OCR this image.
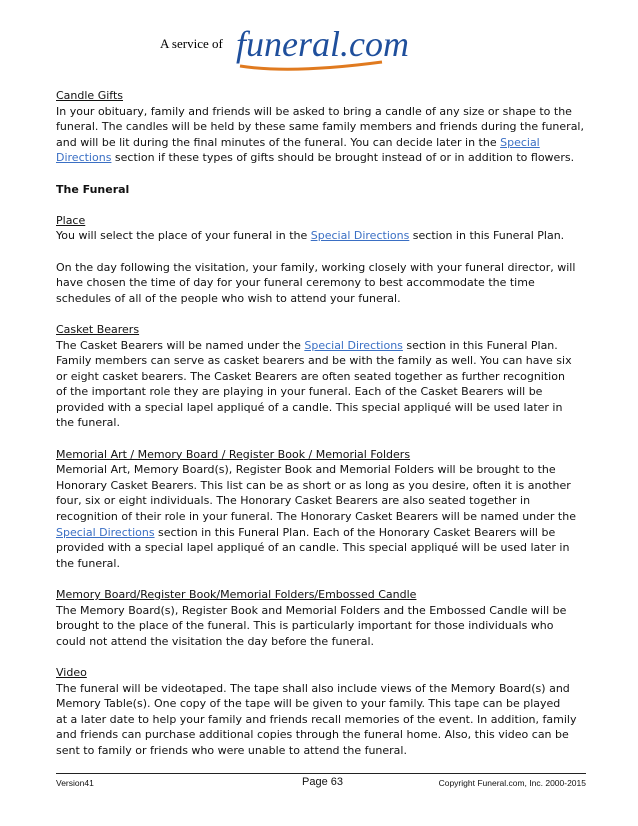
A service of funeral.com

Candle Gifts

In your obituary, family and friends will be asked to bring a candle of any size or shape to the

funeral. The candles will be held by these same family members and friends during the funeral,

and will be lit during the final minutes of the funeral. You can decide later in the Special

Directions section if these types of gifts should be brought instead of or in addition to flowers.

The Funeral

Place

You will select the place of your funeral in the Special Directions section in this Funeral Plan.

On the day following the visitation, your family, working closely with your funeral director, will

have chosen the time of day for your funeral ceremony to best accommodate the time

schedules of all of the people who wish to attend your funeral.

Casket Bearers

The Casket Bearers will be named under the Special Directions section in this Funeral Plan.

Family members can serve as casket bearers and be with the family as well. You can have six

or eight casket bearers. The Casket Bearers are often seated together as further recognition

of the important role they are playing in your funeral. Each of the Casket Bearers will be

provided with a special lapel appliqué of a candle. This special appliqué will be used later in

the funeral.

Memorial Art / Memory Board / Register Book / Memorial Folders

Memorial Art, Memory Board(s), Register Book and Memorial Folders will be brought to the

Honorary Casket Bearers. This list can be as short or as long as you desire, often it is another

four, six or eight individuals. The Honorary Casket Bearers are also seated together in

recognition of their role in your funeral. The Honorary Casket Bearers will be named under the

Special Directions section in this Funeral Plan. Each of the Honorary Casket Bearers will be

provided with a special lapel appliqué of an candle. This special appliqué will be used later in

the funeral.

Memory Board/Register Book/Memorial Folders/Embossed Candle

The Memory Board(s), Register Book and Memorial Folders and the Embossed Candle will be

brought to the place of the funeral. This is particularly important for those individuals who

could not attend the visitation the day before the funeral.

Video

The funeral will be videotaped. The tape shall also include views of the Memory Board(s) and

Memory Table(s). One copy of the tape will be given to your family. This tape can be played

at a later date to help your family and friends recall memories of the event. In addition, family

and friends can purchase additional copies through the funeral home. Also, this video can be

sent to family or friends who were unable to attend the funeral.

Version41	Page 63	Copyright Funeral.com, Inc. 2000-2015
